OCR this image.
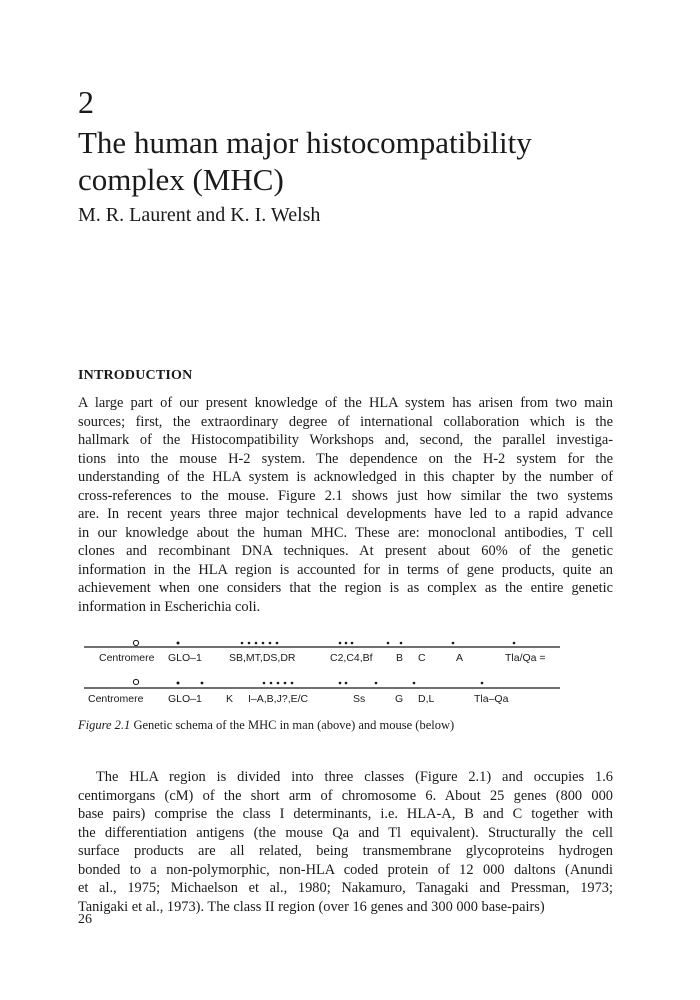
2
The human major histocompatibility complex (MHC)
M. R. Laurent and K. I. Welsh
INTRODUCTION
A large part of our present knowledge of the HLA system has arisen from two main
sources; first, the extraordinary degree of international collaboration which is the
hallmark of the Histocompatibility Workshops and, second, the parallel investiga-
tions into the mouse H-2 system. The dependence on the H-2 system for the
understanding of the HLA system is acknowledged in this chapter by the number of
cross-references to the mouse. Figure 2.1 shows just how similar the two systems
are. In recent years three major technical developments have led to a rapid advance
in our knowledge about the human MHC. These are: monoclonal antibodies, T cell
clones and recombinant DNA techniques. At present about 60% of the genetic
information in the HLA region is accounted for in terms of gene products, quite an
achievement when one considers that the region is as complex as the entire genetic
information in Escherichia coli.
Centromere GLO–1	SB,MT,DS,DR	C2,C4,Bf B C	A	Tla/Qa =
Centromere GLO–1 K I–A,B,J?,E/C	Ss	G D,L	Tla–Qa
Figure 2.1 Genetic schema of the MHC in man (above) and mouse (below)
The HLA region is divided into three classes (Figure 2.1) and occupies 1.6
centimorgans (cM) of the short arm of chromosome 6. About 25 genes (800 000
base pairs) comprise the class I determinants, i.e. HLA-A, B and C together with
the differentiation antigens (the mouse Qa and Tl equivalent). Structurally the cell
surface products are all related, being transmembrane glycoproteins hydrogen
bonded to a non-polymorphic, non-HLA coded protein of 12 000 daltons (Anundi
et al., 1975; Michaelson et al., 1980; Nakamuro, Tanagaki and Pressman, 1973;
Tanigaki et al., 1973). The class II region (over 16 genes and 300 000 base-pairs)
26
